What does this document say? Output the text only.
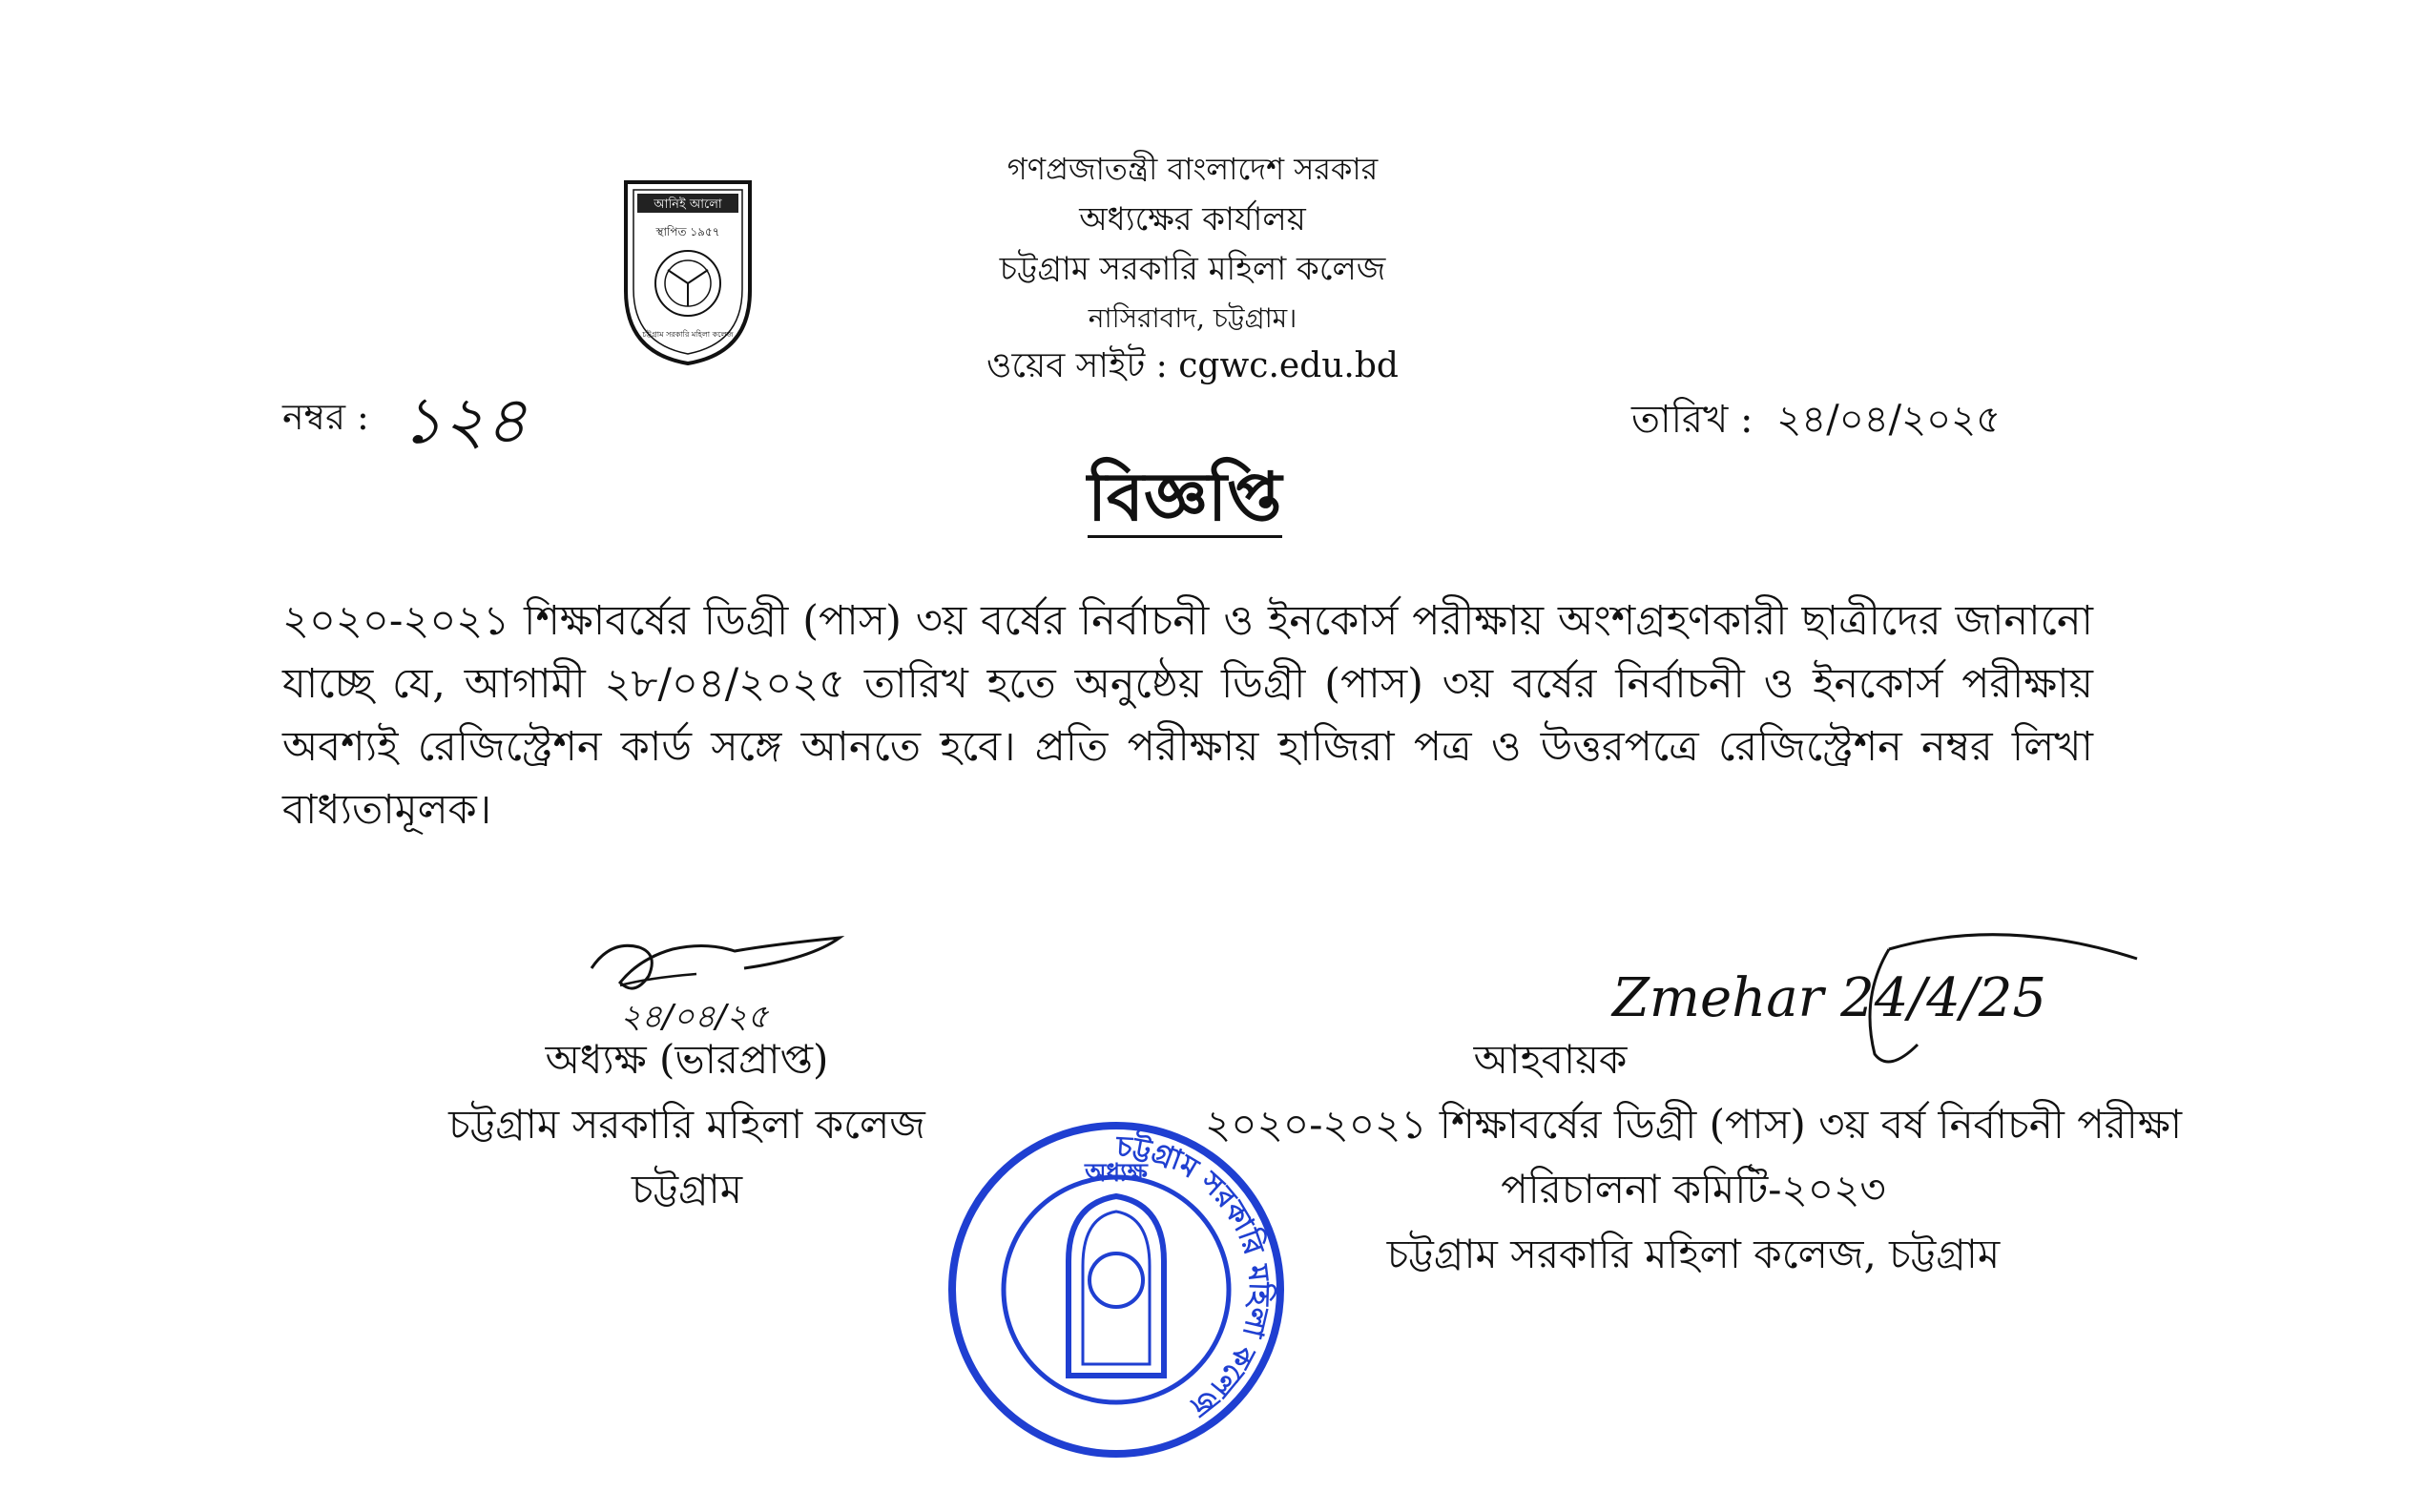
গণপ্রজাতন্ত্রী বাংলাদেশ সরকার
অধ্যক্ষের কার্যালয়
চট্টগ্রাম সরকারি মহিলা কলেজ
নাসিরাবাদ, চট্টগ্রাম।
ওয়েব সাইট : cgwc.edu.bd
আনিই আলো
স্থাপিত ১৯৫৭
চট্টগ্রাম সরকারি মহিলা কলেজ
নম্বর : ১২৪	তারিখ : ২৪/০৪/২০২৫
বিজ্ঞপ্তি
২০২০-২০২১ শিক্ষাবর্ষের ডিগ্রী (পাস) ৩য় বর্ষের নির্বাচনী ও ইনকোর্স পরীক্ষায় অংশগ্রহণকারী ছাত্রীদের জানানো যাচ্ছে যে, আগামী ২৮/০৪/২০২৫ তারিখ হতে অনুষ্ঠেয় ডিগ্রী (পাস) ৩য় বর্ষের নির্বাচনী ও ইনকোর্স পরীক্ষায় অবশ্যই রেজিস্ট্রেশন কার্ড সঙ্গে আনতে হবে। প্রতি পরীক্ষায় হাজিরা পত্র ও উত্তরপত্রে রেজিস্ট্রেশন নম্বর লিখা বাধ্যতামূলক।
২৪/০৪/২৫	Zmehar 24/4/25
অধ্যক্ষ (ভারপ্রাপ্ত)
চট্টগ্রাম সরকারি মহিলা কলেজ
চট্টগ্রাম
আহবায়ক
২০২০-২০২১ শিক্ষাবর্ষের ডিগ্রী (পাস) ৩য় বর্ষ নির্বাচনী পরীক্ষা
পরিচালনা কমিটি-২০২৩
চট্টগ্রাম সরকারি মহিলা কলেজ, চট্টগ্রাম
চট্টগ্রাম সরকারি মহিলা কলেজ
অধ্যক্ষ
